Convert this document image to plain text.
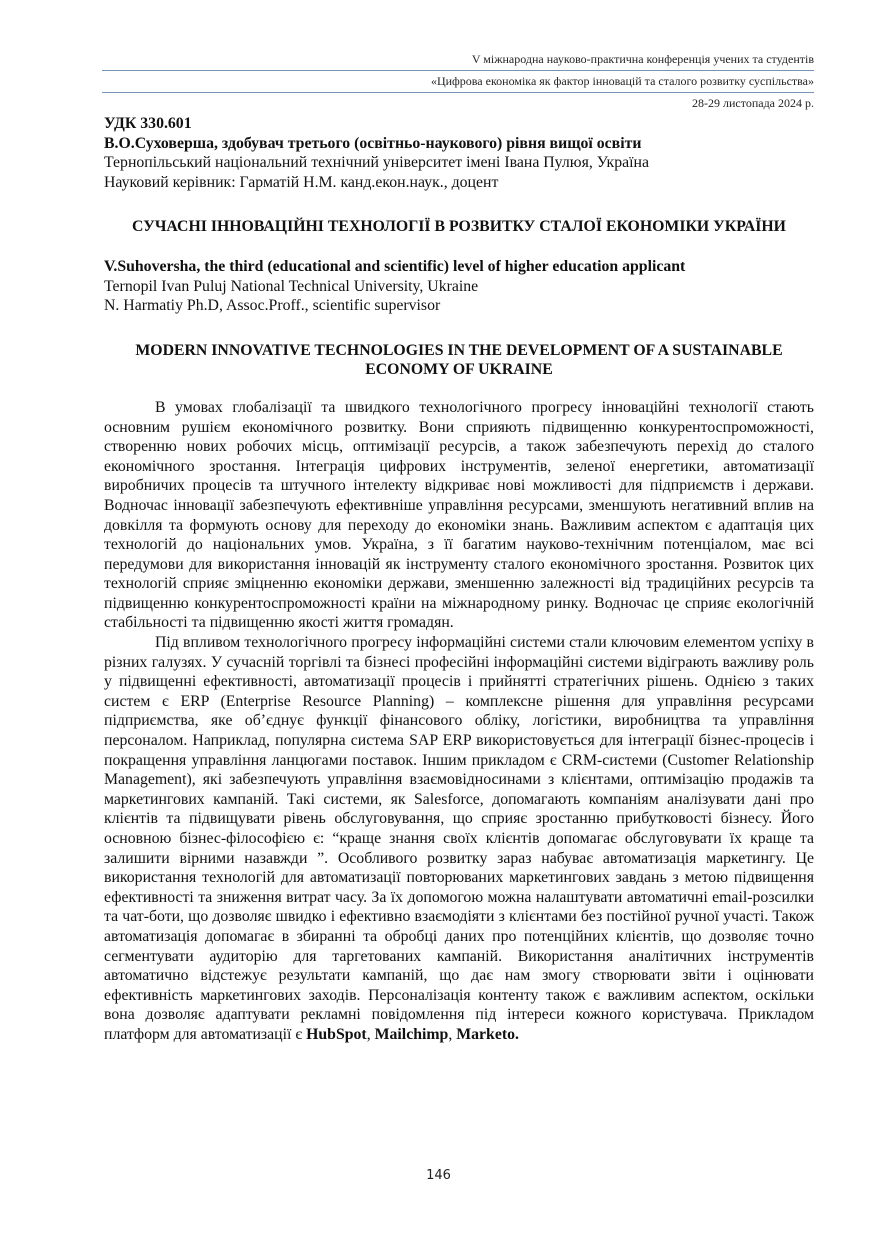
V міжнародна науково-практична конференція учених та студентів
«Цифрова економіка як фактор інновацій та сталого розвитку суспільства»
28-29 листопада 2024 р.

УДК 330.601

В.О.Суховерша, здобувач третього (освітньо-наукового) рівня вищої освіти

Тернопільський національний технічний університет імені Івана Пулюя, Україна

Науковий керівник: Гарматій Н.М. канд.екон.наук., доцент

СУЧАСНІ ІННОВАЦІЙНІ ТЕХНОЛОГІЇ В РОЗВИТКУ СТАЛОЇ ЕКОНОМІКИ УКРАЇНИ

V.Suhoversha, the third (educational and scientific) level of higher education applicant

Ternopil Ivan Puluj National Technical University, Ukraine

N. Harmatiy Ph.D, Assoc.Proff., scientific supervisor

MODERN INNOVATIVE TECHNOLOGIES IN THE DEVELOPMENT OF A SUSTAINABLE ECONOMY OF UKRAINE

В умовах глобалізації та швидкого технологічного прогресу інноваційні технології стають основним рушієм економічного розвитку. Вони сприяють підвищенню конкурентоспроможності, створенню нових робочих місць, оптимізації ресурсів, а також забезпечують перехід до сталого економічного зростання. Інтеграція цифрових інструментів, зеленої енергетики, автоматизації виробничих процесів та штучного інтелекту відкриває нові можливості для підприємств і держави. Водночас інновації забезпечують ефективніше управління ресурсами, зменшують негативний вплив на довкілля та формують основу для переходу до економіки знань. Важливим аспектом є адаптація цих технологій до національних умов. Україна, з її багатим науково-технічним потенціалом, має всі передумови для використання інновацій як інструменту сталого економічного зростання. Розвиток цих технологій сприяє зміцненню економіки держави, зменшенню залежності від традиційних ресурсів та підвищенню конкурентоспроможності країни на міжнародному ринку. Водночас це сприяє екологічній стабільності та підвищенню якості життя громадян.

Під впливом технологічного прогресу інформаційні системи стали ключовим елементом успіху в різних галузях. У сучасній торгівлі та бізнесі професійні інформаційні системи відіграють важливу роль у підвищенні ефективності, автоматизації процесів і прийнятті стратегічних рішень. Однією з таких систем є ERP (Enterprise Resource Planning) – комплексне рішення для управління ресурсами підприємства, яке об’єднує функції фінансового обліку, логістики, виробництва та управління персоналом. Наприклад, популярна система SAP ERP використовується для інтеграції бізнес-процесів і покращення управління ланцюгами поставок. Іншим прикладом є CRM-системи (Customer Relationship Management), які забезпечують управління взаємовідносинами з клієнтами, оптимізацію продажів та маркетингових кампаній. Такі системи, як Salesforce, допомагають компаніям аналізувати дані про клієнтів та підвищувати рівень обслуговування, що сприяє зростанню прибутковості бізнесу. Його основною бізнес-філософією є: “краще знання своїх клієнтів допомагає обслуговувати їх краще та залишити вірними назавжди ”. Особливого розвитку зараз набуває автоматизація маркетингу. Це використання технологій для автоматизації повторюваних маркетингових завдань з метою підвищення ефективності та зниження витрат часу. За їх допомогою можна налаштувати автоматичні email-розсилки та чат-боти, що дозволяє швидко і ефективно взаємодіяти з клієнтами без постійної ручної участі. Також автоматизація допомагає в збиранні та обробці даних про потенційних клієнтів, що дозволяє точно сегментувати аудиторію для таргетованих кампаній. Використання аналітичних інструментів автоматично відстежує результати кампаній, що дає нам змогу створювати звіти і оцінювати ефективність маркетингових заходів. Персоналізація контенту також є важливим аспектом, оскільки вона дозволяє адаптувати рекламні повідомлення під інтереси кожного користувача. Прикладом платформ для автоматизації є HubSpot, Mailchimp, Marketo.

146
